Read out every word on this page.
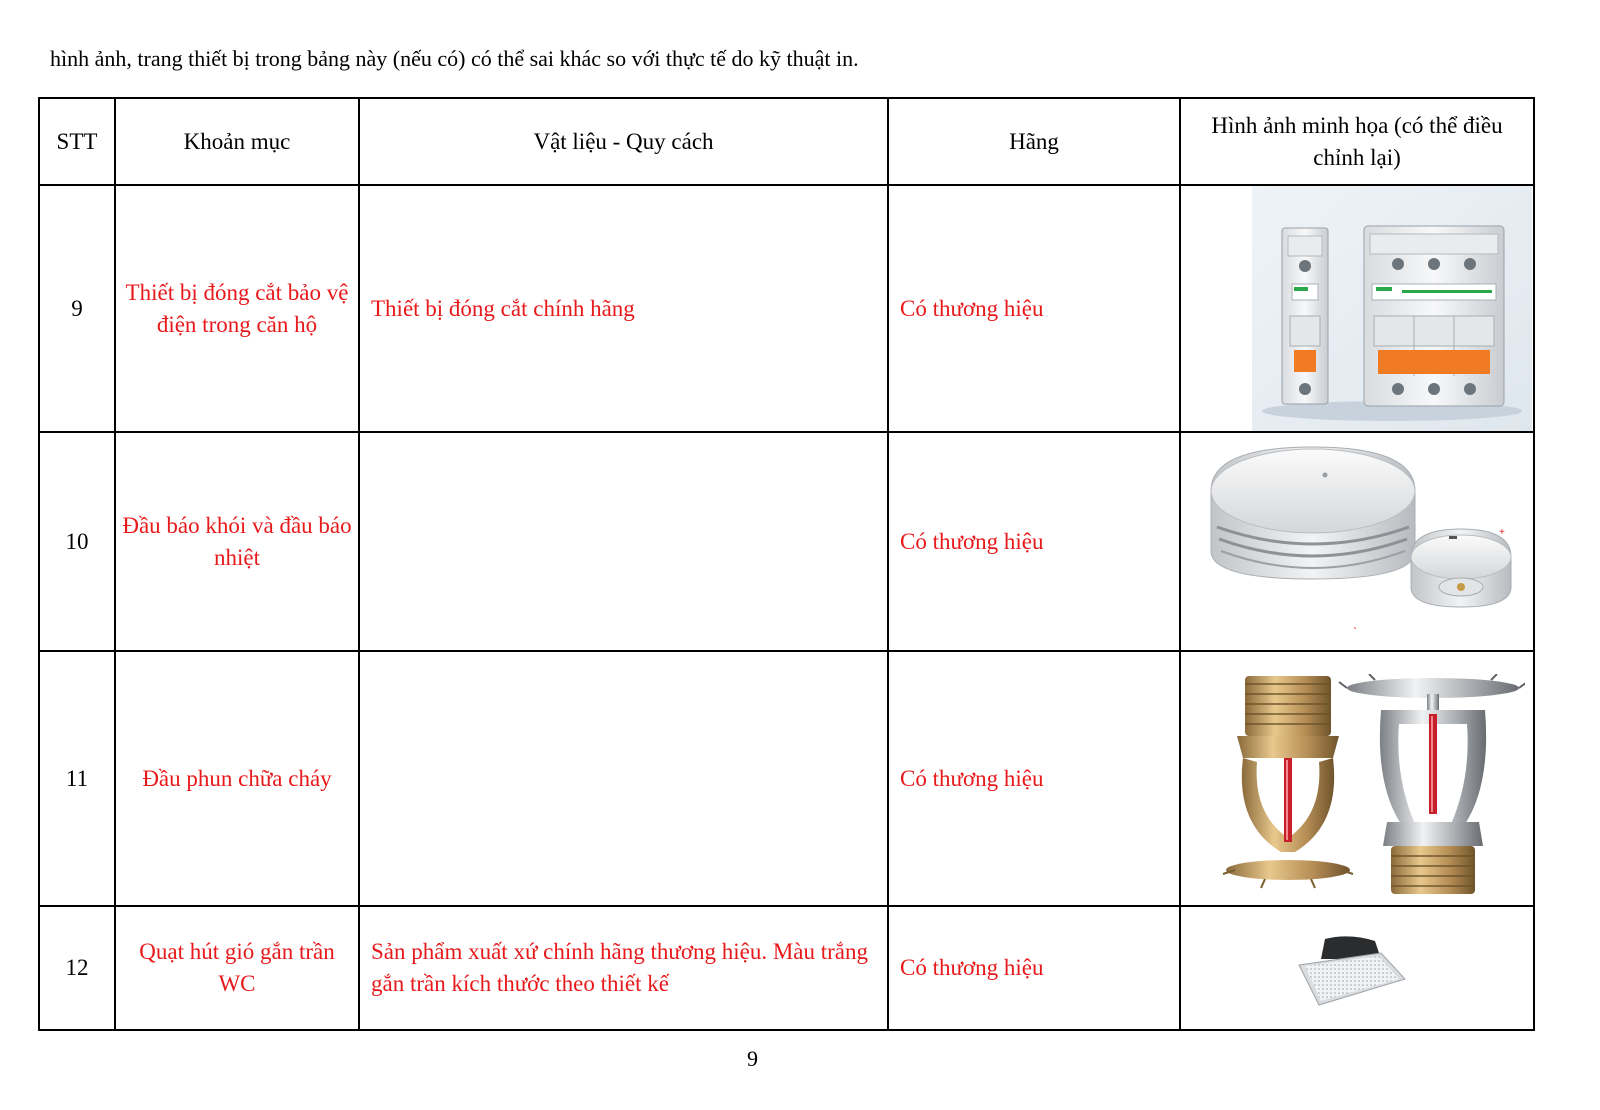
hình ảnh, trang thiết bị trong bảng này (nếu có) có thể sai khác so với thực tế do kỹ thuật in.
STT	Khoản mục	Vật liệu - Quy cách	Hãng	Hình ảnh minh họa (có thể điều chỉnh lại)
9	Thiết bị đóng cắt bảo vệ điện trong căn hộ	Thiết bị đóng cắt chính hãng	Có thương hiệu	

10	Đầu báo khói và đầu báo nhiệt		Có thương hiệu	+
`

11	Đầu phun chữa cháy		Có thương hiệu	

12	Quạt hút gió gắn trần WC	Sản phẩm xuất xứ chính hãng thương hiệu. Màu trắng gắn trần kích thước theo thiết kế	Có thương hiệu	
9
